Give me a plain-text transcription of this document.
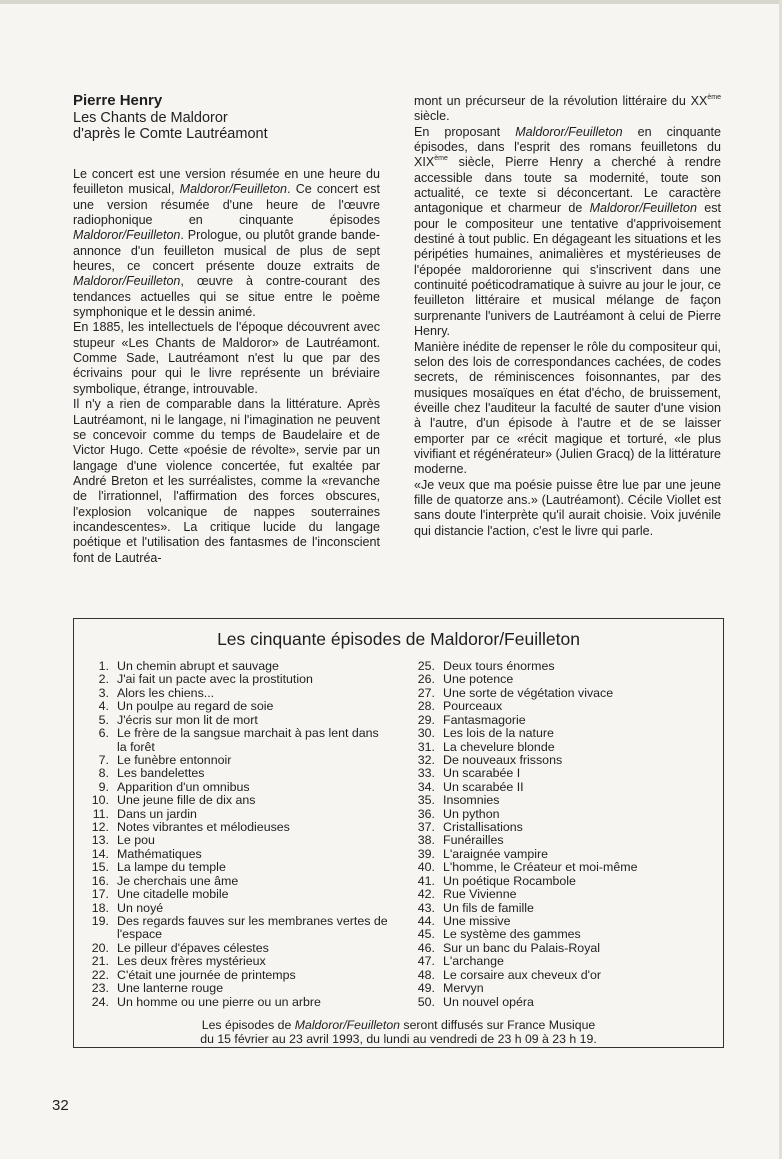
Pierre Henry

Les Chants de Maldoror

d'après le Comte Lautréamont

Le concert est une version résumée en une heure du feuilleton musical, Maldoror/Feuilleton. Ce concert est une version résumée d'une heure de l'œuvre radiophonique en cinquante épisodes Maldoror/Feuilleton. Prologue, ou plutôt grande bande-annonce d'un feuilleton musical de plus de sept heures, ce concert présente douze extraits de Maldoror/Feuilleton, œuvre à contre-courant des tendances actuelles qui se situe entre le poème symphonique et le dessin animé.

En 1885, les intellectuels de l'époque découvrent avec stupeur «Les Chants de Maldoror» de Lautréamont. Comme Sade, Lautréamont n'est lu que par des écrivains pour qui le livre représente un bréviaire symbolique, étrange, introuvable.

Il n'y a rien de comparable dans la littérature. Après Lautréamont, ni le langage, ni l'imagination ne peuvent se concevoir comme du temps de Baudelaire et de Victor Hugo. Cette «poésie de révolte», servie par un langage d'une violence concertée, fut exaltée par André Breton et les surréalistes, comme la «revanche de l'irrationnel, l'affirmation des forces obscures, l'explosion volcanique de nappes souterraines incandescentes». La critique lucide du langage poétique et l'utilisation des fantasmes de l'inconscient font de Lautréa-

mont un précurseur de la révolution littéraire du XXème siècle.

En proposant Maldoror/Feuilleton en cinquante épisodes, dans l'esprit des romans feuilletons du XIXème siècle, Pierre Henry a cherché à rendre accessible dans toute sa modernité, toute son actualité, ce texte si déconcertant. Le caractère antagonique et charmeur de Maldoror/Feuilleton est pour le compositeur une tentative d'apprivoisement destiné à tout public. En dégageant les situations et les péripéties humaines, animalières et mystérieuses de l'épopée maldororienne qui s'inscrivent dans une continuité poéticodramatique à suivre au jour le jour, ce feuilleton littéraire et musical mélange de façon surprenante l'univers de Lautréamont à celui de Pierre Henry.

Manière inédite de repenser le rôle du compositeur qui, selon des lois de correspondances cachées, de codes secrets, de réminiscences foisonnantes, par des musiques mosaïques en état d'écho, de bruissement, éveille chez l'auditeur la faculté de sauter d'une vision à l'autre, d'un épisode à l'autre et de se laisser emporter par ce «récit magique et torturé, «le plus vivifiant et régénérateur» (Julien Gracq) de la littérature moderne.

«Je veux que ma poésie puisse être lue par une jeune fille de quatorze ans.» (Lautréamont). Cécile Viollet est sans doute l'interprète qu'il aurait choisie. Voix juvénile qui distancie l'action, c'est le livre qui parle.

Les cinquante épisodes de Maldoror/Feuilleton
1. Un chemin abrupt et sauvage
2. J'ai fait un pacte avec la prostitution
3. Alors les chiens...
4. Un poulpe au regard de soie
5. J'écris sur mon lit de mort
6. Le frère de la sangsue marchait à pas lent dans la forêt
7. Le funèbre entonnoir
8. Les bandelettes
9. Apparition d'un omnibus
10. Une jeune fille de dix ans
11. Dans un jardin
12. Notes vibrantes et mélodieuses
13. Le pou
14. Mathématiques
15. La lampe du temple
16. Je cherchais une âme
17. Une citadelle mobile
18. Un noyé
19. Des regards fauves sur les membranes vertes de l'espace
20. Le pilleur d'épaves célestes
21. Les deux frères mystérieux
22. C'était une journée de printemps
23. Une lanterne rouge
24. Un homme ou une pierre ou un arbre
25. Deux tours énormes
26. Une potence
27. Une sorte de végétation vivace
28. Pourceaux
29. Fantasmagorie
30. Les lois de la nature
31. La chevelure blonde
32. De nouveaux frissons
33. Un scarabée I
34. Un scarabée II
35. Insomnies
36. Un python
37. Cristallisations
38. Funérailles
39. L'araignée vampire
40. L'homme, le Créateur et moi-même
41. Un poétique Rocambole
42. Rue Vivienne
43. Un fils de famille
44. Une missive
45. Le système des gammes
46. Sur un banc du Palais-Royal
47. L'archange
48. Le corsaire aux cheveux d'or
49. Mervyn
50. Un nouvel opéra
Les épisodes de Maldoror/Feuilleton seront diffusés sur France Musique
du 15 février au 23 avril 1993, du lundi au vendredi de 23 h 09 à 23 h 19.
32
